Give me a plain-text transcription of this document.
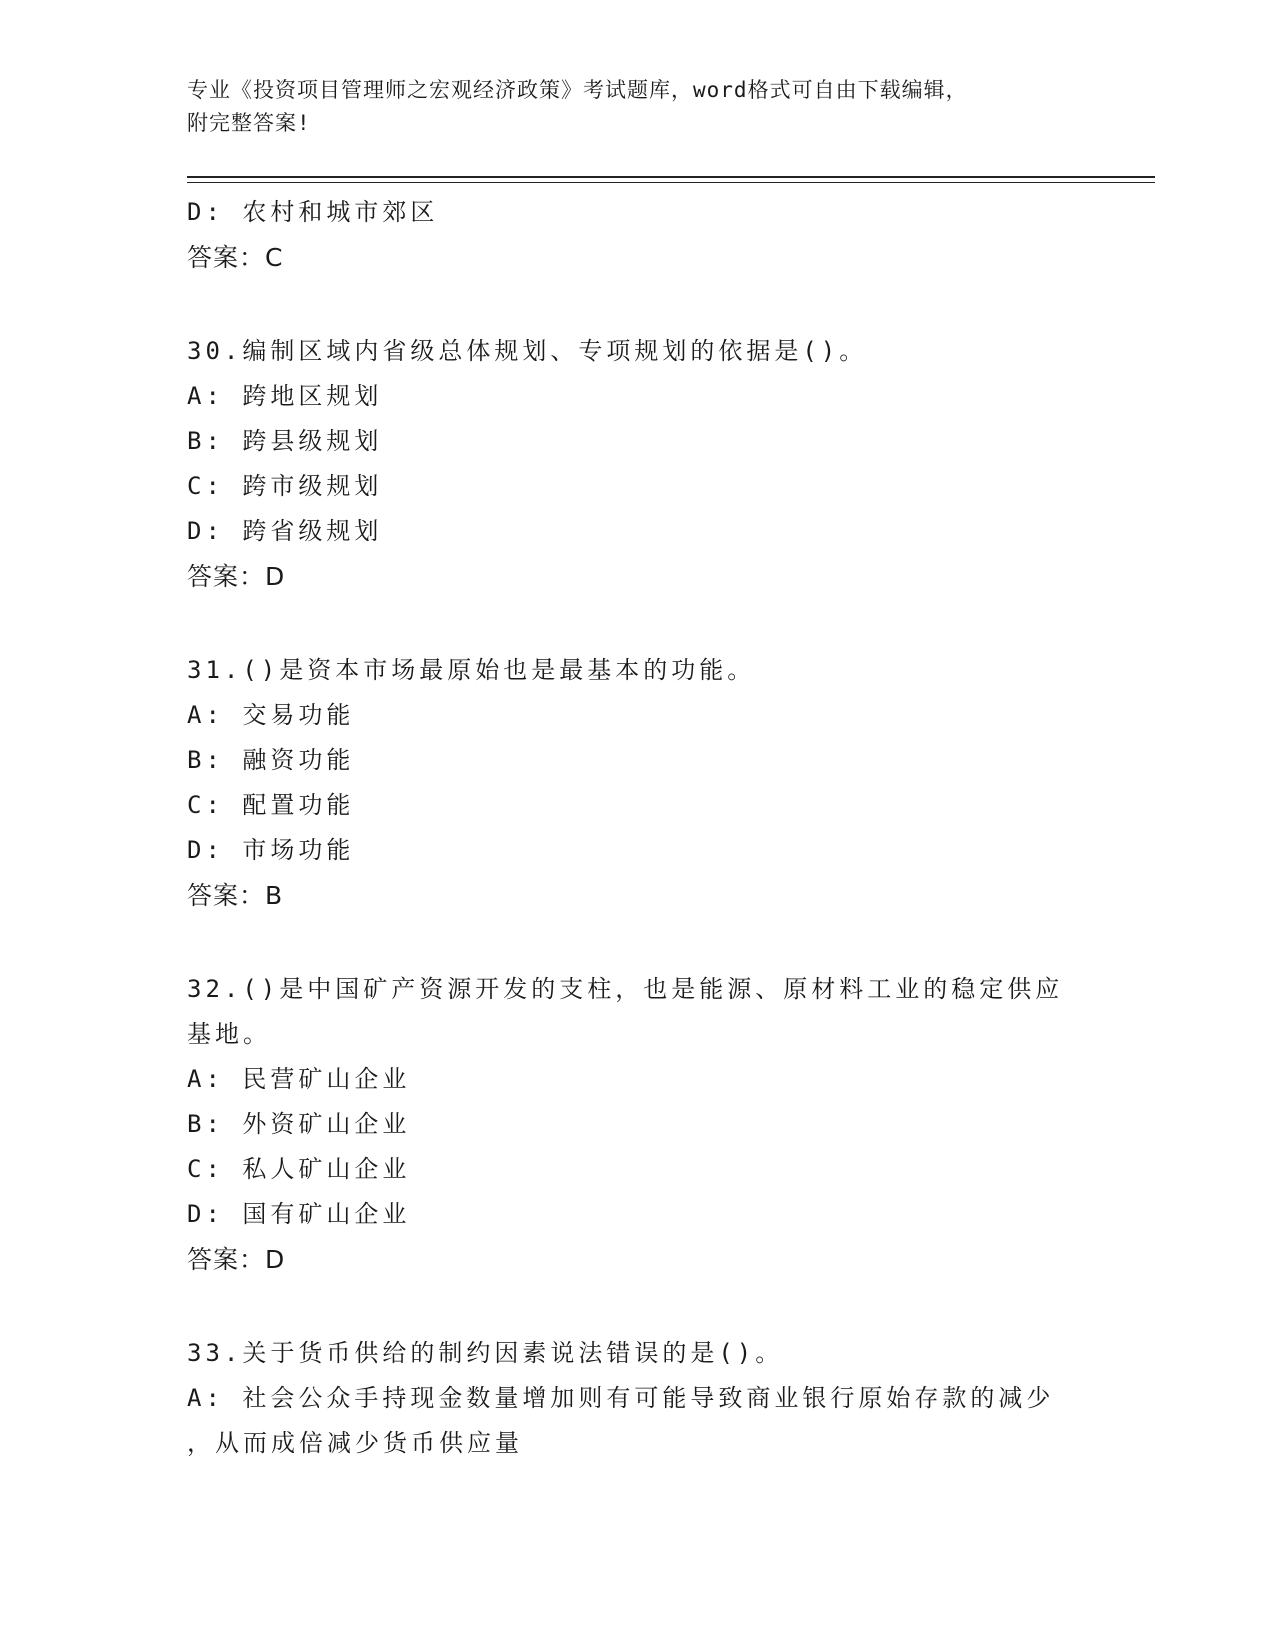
专业《投资项目管理师之宏观经济政策》考试题库，word格式可自由下载编辑，
附完整答案!
D: 农村和城市郊区
答案：C
30.编制区域内省级总体规划、专项规划的依据是()。
A: 跨地区规划
B: 跨县级规划
C: 跨市级规划
D: 跨省级规划
答案：D
31.()是资本市场最原始也是最基本的功能。
A: 交易功能
B: 融资功能
C: 配置功能
D: 市场功能
答案：B
32.()是中国矿产资源开发的支柱，也是能源、原材料工业的稳定供应
基地。
A: 民营矿山企业
B: 外资矿山企业
C: 私人矿山企业
D: 国有矿山企业
答案：D
33.关于货币供给的制约因素说法错误的是()。
A: 社会公众手持现金数量增加则有可能导致商业银行原始存款的减少
，从而成倍减少货币供应量
